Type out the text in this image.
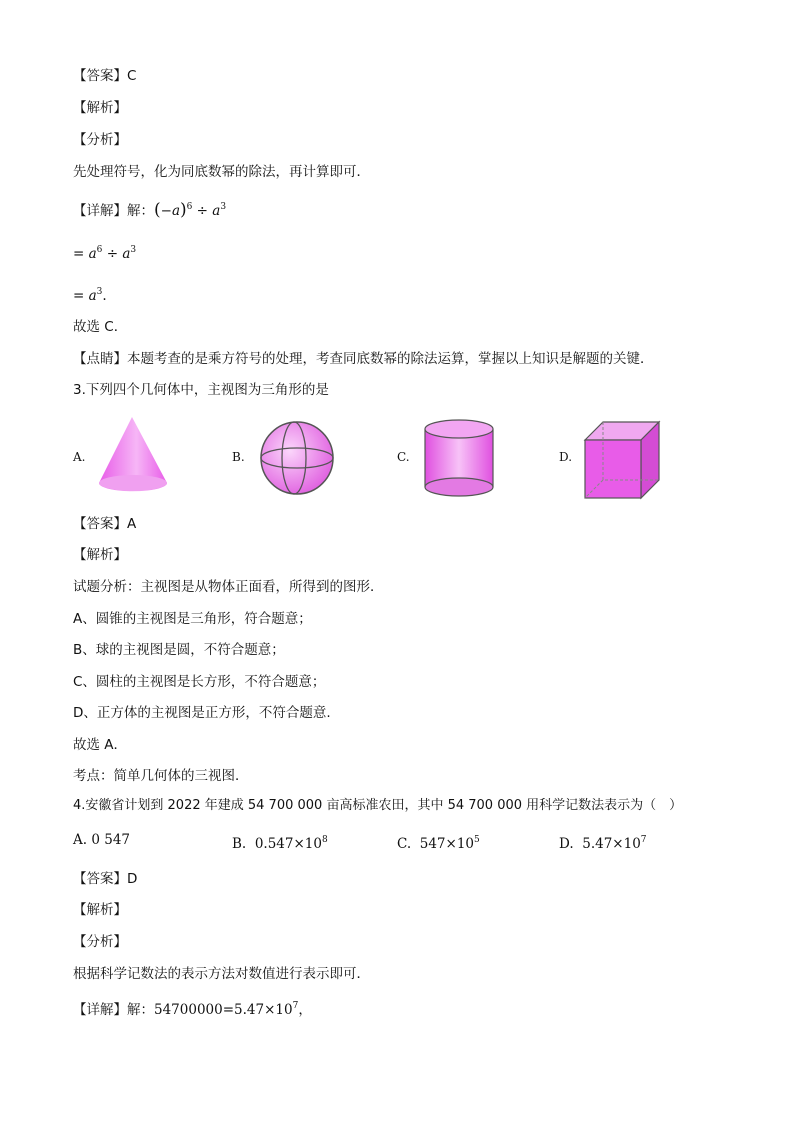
【答案】C
【解析】
【分析】
先处理符号，化为同底数幂的除法，再计算即可．
【详解】解：$(-a)^6 \div a^3$
= $a^6 \div a^3$
= $a^3$.
故选 C．
【点睛】本题考查的是乘方符号的处理，考查同底数幂的除法运算，掌握以上知识是解题的关键．
3.下列四个几何体中，主视图为三角形的是
A.	B.	C.	D.
【答案】A
【解析】
试题分析：主视图是从物体正面看，所得到的图形．
A、圆锥的主视图是三角形，符合题意；
B、球的主视图是圆，不符合题意；
C、圆柱的主视图是长方形，不符合题意；
D、正方体的主视图是正方形，不符合题意.
故选 A．
考点：简单几何体的三视图．
4.安徽省计划到 2022 年建成 54 700 000 亩高标准农田，其中 54 700 000 用科学记数法表示为（　）
A. 0 547	B. $0.547\times 10^8$	C. $547\times 10^5$	D. $5.47\times 10^7$
【答案】D
【解析】
【分析】
根据科学记数法的表示方法对数值进行表示即可．
【详解】解：$54700000=5.47\times 10^7$，
